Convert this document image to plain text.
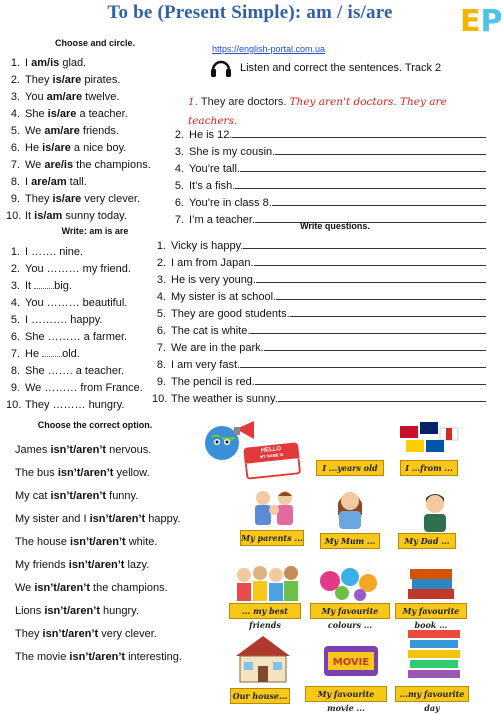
To be (Present Simple): am / is/are	EP
Choose and circle.
1. I am/is glad.
2. They is/are pirates.
3. You am/are twelve.
4. She is/are a teacher.
5. We am/are friends.
6. He is/are a nice boy.
7. We are/is the champions.
8. I are/am tall.
9. They is/are very clever.
10. It is/am sunny today.
https://english-portal.com.ua
Listen and correct the sentences. Track 2
1. They are doctors. They aren't doctors. They are teachers.
2. He is 12.
3. She is my cousin.
4. You’re tall.
5. It’s a fish.
6. You’re in class 8.
7. I’m a teacher.
Write: am is are
1. I ……. nine.
2. You ……… my friend.
3. It big.
4. You ……… beautiful.
5. I ………. happy.
6. She ……… a farmer.
7. He old.
8. She ……. a teacher.
9. We ……… from France.
10. They ……… hungry.
Write questions.
1. Vicky is happy.
2. I am from Japan.
3. He is very young.
4. My sister is at school.
5. They are good students.
6. The cat is white.
7. We are in the park.
8. I am very fast.
9. The pencil is red.
10. The weather is sunny.
Choose the correct option.
James isn’t/aren’t nervous.
The bus isn’t/aren’t yellow.
My cat isn’t/aren’t funny.
My sister and I isn’t/aren’t happy.
The house isn’t/aren’t white.
My friends isn’t/aren’t lazy.
We isn’t/aren’t the champions.
Lions isn’t/aren’t hungry.
They isn’t/aren’t very clever.
The movie isn’t/aren’t interesting.
HELLO
MY NAME IS
I ...years old	I ...from ...
My parents ...	My Mum ...	My Dad ...
... my best friends
My favourite colours ...
My favourite book ...
Our house...
MOVIE
My favourite movie ...
...my favourite day
